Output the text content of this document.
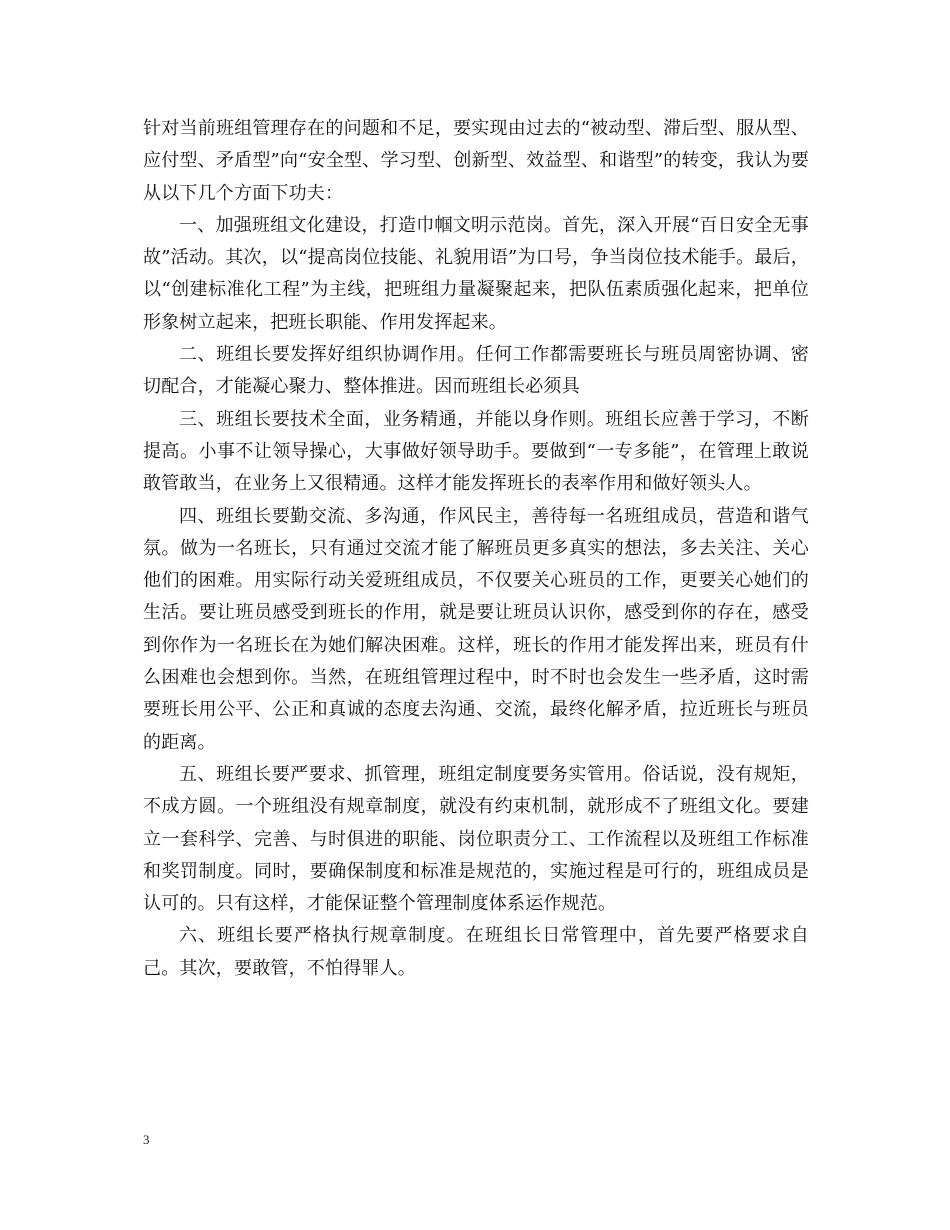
针对当前班组管理存在的问题和不足，要实现由过去的“被动型、滞后型、服从型、应付型、矛盾型”向“安全型、学习型、创新型、效益型、和谐型”的转变，我认为要从以下几个方面下功夫：

一、加强班组文化建设，打造巾帼文明示范岗。首先，深入开展“百日安全无事故”活动。其次，以“提高岗位技能、礼貌用语”为口号，争当岗位技术能手。最后，以“创建标准化工程”为主线，把班组力量凝聚起来，把队伍素质强化起来，把单位形象树立起来，把班长职能、作用发挥起来。

二、班组长要发挥好组织协调作用。任何工作都需要班长与班员周密协调、密切配合，才能凝心聚力、整体推进。因而班组长必须具

三、班组长要技术全面，业务精通，并能以身作则。班组长应善于学习，不断提高。小事不让领导操心，大事做好领导助手。要做到“一专多能”，在管理上敢说敢管敢当，在业务上又很精通。这样才能发挥班长的表率作用和做好领头人。

四、班组长要勤交流、多沟通，作风民主，善待每一名班组成员，营造和谐气氛。做为一名班长，只有通过交流才能了解班员更多真实的想法，多去关注、关心他们的困难。用实际行动关爱班组成员，不仅要关心班员的工作，更要关心她们的生活。要让班员感受到班长的作用，就是要让班员认识你，感受到你的存在，感受到你作为一名班长在为她们解决困难。这样，班长的作用才能发挥出来，班员有什么困难也会想到你。当然，在班组管理过程中，时不时也会发生一些矛盾，这时需要班长用公平、公正和真诚的态度去沟通、交流，最终化解矛盾，拉近班长与班员的距离。

五、班组长要严要求、抓管理，班组定制度要务实管用。俗话说，没有规矩，不成方圆。一个班组没有规章制度，就没有约束机制，就形成不了班组文化。要建立一套科学、完善、与时俱进的职能、岗位职责分工、工作流程以及班组工作标准和奖罚制度。同时，要确保制度和标准是规范的，实施过程是可行的，班组成员是认可的。只有这样，才能保证整个管理制度体系运作规范。

六、班组长要严格执行规章制度。在班组长日常管理中，首先要严格要求自己。其次，要敢管，不怕得罪人。

3
